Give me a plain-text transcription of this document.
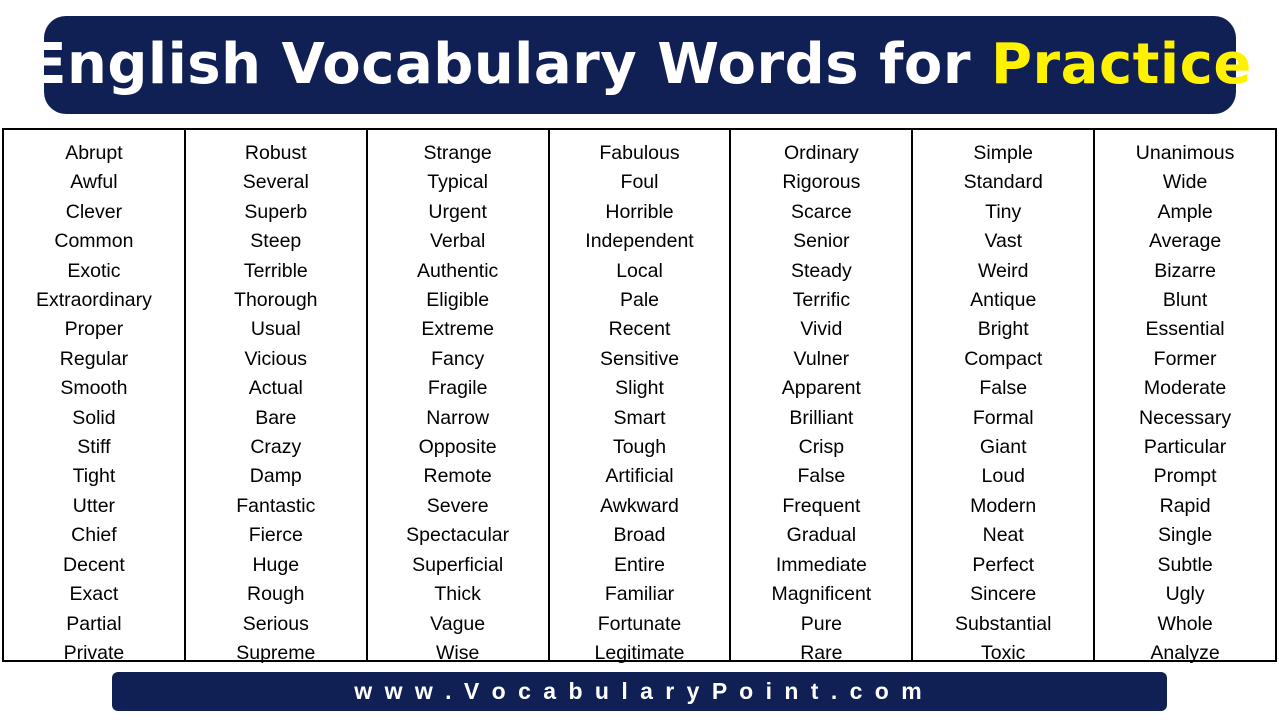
English Vocabulary Words for Practice
Abrupt
Awful
Clever
Common
Exotic
Extraordinary
Proper
Regular
Smooth
Solid
Stiff
Tight
Utter
Chief
Decent
Exact
Partial
Private
Robust
Several
Superb
Steep
Terrible
Thorough
Usual
Vicious
Actual
Bare
Crazy
Damp
Fantastic
Fierce
Huge
Rough
Serious
Supreme
Strange
Typical
Urgent
Verbal
Authentic
Eligible
Extreme
Fancy
Fragile
Narrow
Opposite
Remote
Severe
Spectacular
Superficial
Thick
Vague
Wise
Fabulous
Foul
Horrible
Independent
Local
Pale
Recent
Sensitive
Slight
Smart
Tough
Artificial
Awkward
Broad
Entire
Familiar
Fortunate
Legitimate
Ordinary
Rigorous
Scarce
Senior
Steady
Terrific
Vivid
Vulner
Apparent
Brilliant
Crisp
False
Frequent
Gradual
Immediate
Magnificent
Pure
Rare
Simple
Standard
Tiny
Vast
Weird
Antique
Bright
Compact
False
Formal
Giant
Loud
Modern
Neat
Perfect
Sincere
Substantial
Toxic
Unanimous
Wide
Ample
Average
Bizarre
Blunt
Essential
Former
Moderate
Necessary
Particular
Prompt
Rapid
Single
Subtle
Ugly
Whole
Analyze
w w w . V o c a b u l a r y P o i n t . c o m
